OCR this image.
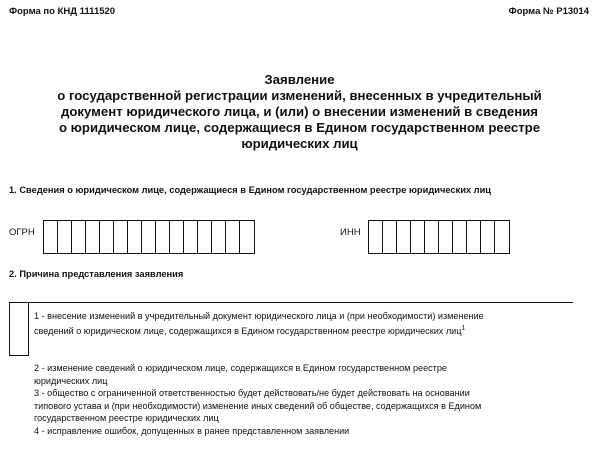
Форма по КНД 1111520	Форма № Р13014
Заявление
о государственной регистрации изменений, внесенных в учредительный
документ юридического лица, и (или) о внесении изменений в сведения
о юридическом лице, содержащиеся в Едином государственном реестре
юридических лиц
1. Сведения о юридическом лице, содержащиеся в Едином государственном реестре юридических лиц
ОГРН	ИНН
2. Причина представления заявления
1 - внесение изменений в учредительный документ юридического лица и (при необходимости) изменение
сведений о юридическом лице, содержащихся в Едином государственном реестре юридических лиц$^1$
2 - изменение сведений о юридическом лице, содержащихся в Едином государственном реестре
юридических лиц
3 - общество с ограниченной ответственностью будет действовать/не будет действовать на основании
типового устава и (при необходимости) изменение иных сведений об обществе, содержащихся в Едином
государственном реестре юридических лиц
4 - исправление ошибок, допущенных в ранее представленном заявлении
